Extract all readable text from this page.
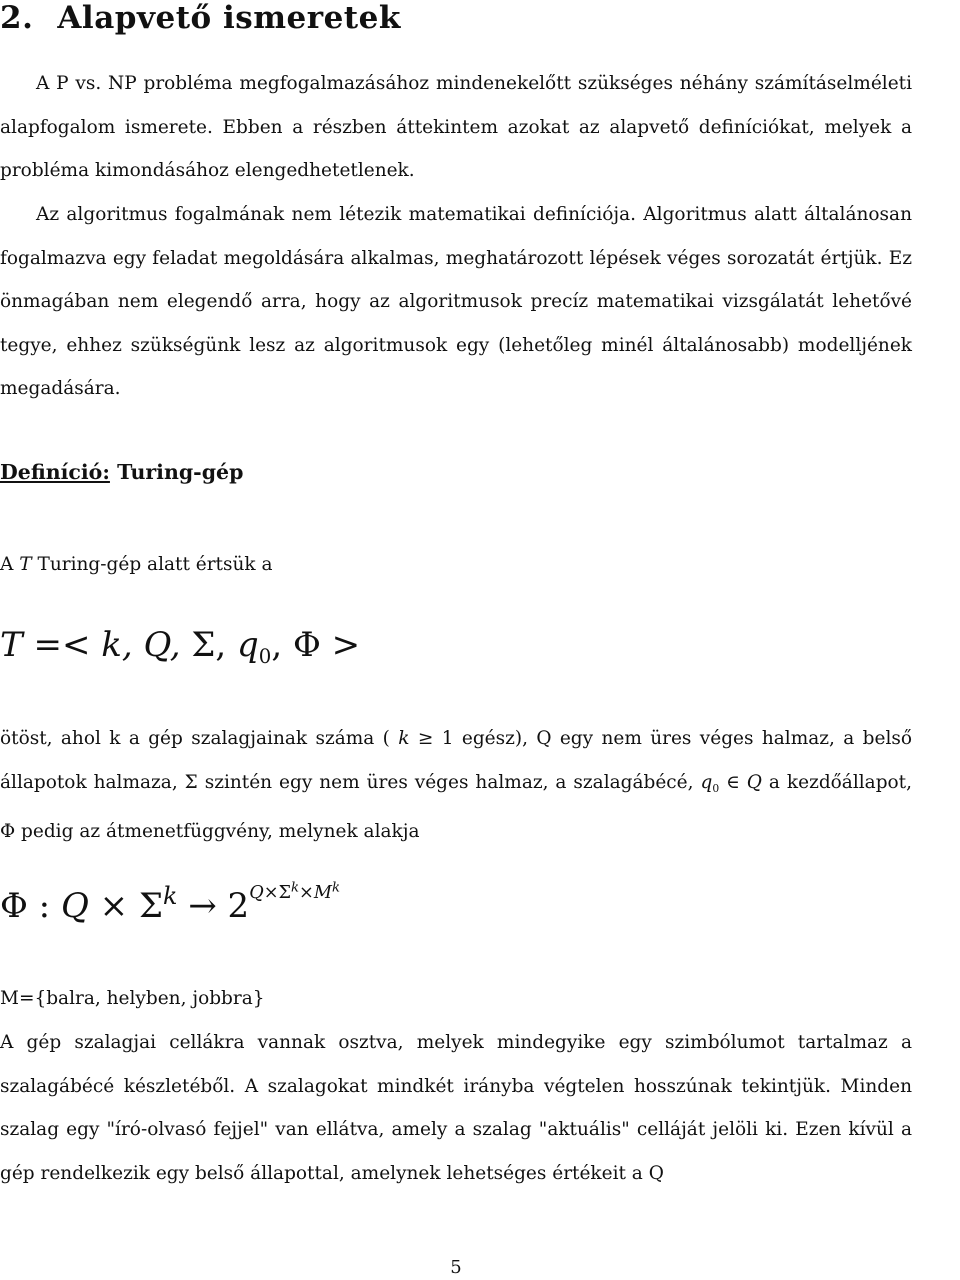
2. Alapvető ismeretek

A P vs. NP probléma megfogalmazásához mindenekelőtt szükséges néhány számításelméleti alapfogalom ismerete. Ebben a részben áttekintem azokat az alapvető definíciókat, melyek a probléma kimondásához elengedhetetlenek.

Az algoritmus fogalmának nem létezik matematikai definíciója. Algoritmus alatt általánosan fogalmazva egy feladat megoldására alkalmas, meghatározott lépések véges sorozatát értjük. Ez önmagában nem elegendő arra, hogy az algoritmusok precíz matematikai vizsgálatát lehetővé tegye, ehhez szükségünk lesz az algoritmusok egy (lehetőleg minél általánosabb) modelljének megadására.

Definíció: Turing-gép

A T Turing-gép alatt értsük a

T =< k, Q, Σ, $q_0$, Φ >

ötöst, ahol k a gép szalagjainak száma ( k ≥ 1 egész), Q egy nem üres véges halmaz, a belső állapotok halmaza, Σ szintén egy nem üres véges halmaz, a szalagábécé, $q_0$ ∈ Q a kezdőállapot, Φ pedig az átmenetfüggvény, melynek alakja

Φ : $Q \times \Sigma^k \to 2^{Q\times\Sigma^k\times M^k}$

M={balra, helyben, jobbra}

A gép szalagjai cellákra vannak osztva, melyek mindegyike egy szimbólumot tartalmaz a szalagábécé készletéből. A szalagokat mindkét irányba végtelen hosszúnak tekintjük. Minden szalag egy "író-olvasó fejjel" van ellátva, amely a szalag "aktuális" celláját jelöli ki. Ezen kívül a gép rendelkezik egy belső állapottal, amelynek lehetséges értékeit a Q

5
